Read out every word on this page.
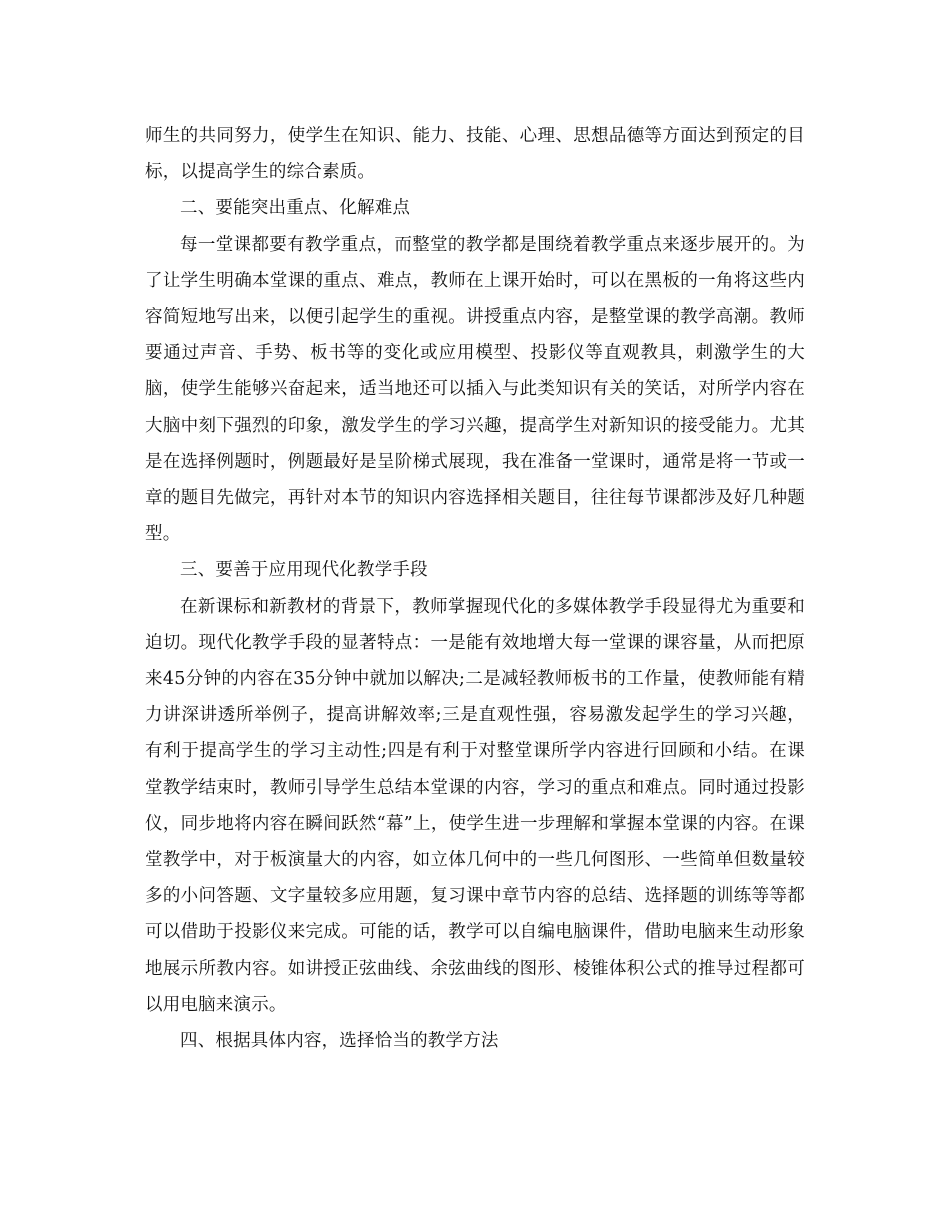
师生的共同努力，使学生在知识、能力、技能、心理、思想品德等方面达到预定的目标，以提高学生的综合素质。

二、要能突出重点、化解难点

每一堂课都要有教学重点，而整堂的教学都是围绕着教学重点来逐步展开的。为了让学生明确本堂课的重点、难点，教师在上课开始时，可以在黑板的一角将这些内容简短地写出来，以便引起学生的重视。讲授重点内容，是整堂课的教学高潮。教师要通过声音、手势、板书等的变化或应用模型、投影仪等直观教具，刺激学生的大脑，使学生能够兴奋起来，适当地还可以插入与此类知识有关的笑话，对所学内容在大脑中刻下强烈的印象，激发学生的学习兴趣，提高学生对新知识的接受能力。尤其是在选择例题时，例题最好是呈阶梯式展现，我在准备一堂课时，通常是将一节或一章的题目先做完，再针对本节的知识内容选择相关题目，往往每节课都涉及好几种题型。

三、要善于应用现代化教学手段

在新课标和新教材的背景下，教师掌握现代化的多媒体教学手段显得尤为重要和迫切。现代化教学手段的显著特点：一是能有效地增大每一堂课的课容量，从而把原来45分钟的内容在35分钟中就加以解决;二是减轻教师板书的工作量，使教师能有精力讲深讲透所举例子，提高讲解效率;三是直观性强，容易激发起学生的学习兴趣，有利于提高学生的学习主动性;四是有利于对整堂课所学内容进行回顾和小结。在课堂教学结束时，教师引导学生总结本堂课的内容，学习的重点和难点。同时通过投影仪，同步地将内容在瞬间跃然“幕”上，使学生进一步理解和掌握本堂课的内容。在课堂教学中，对于板演量大的内容，如立体几何中的一些几何图形、一些简单但数量较多的小问答题、文字量较多应用题，复习课中章节内容的总结、选择题的训练等等都可以借助于投影仪来完成。可能的话，教学可以自编电脑课件，借助电脑来生动形象地展示所教内容。如讲授正弦曲线、余弦曲线的图形、棱锥体积公式的推导过程都可以用电脑来演示。

四、根据具体内容，选择恰当的教学方法
